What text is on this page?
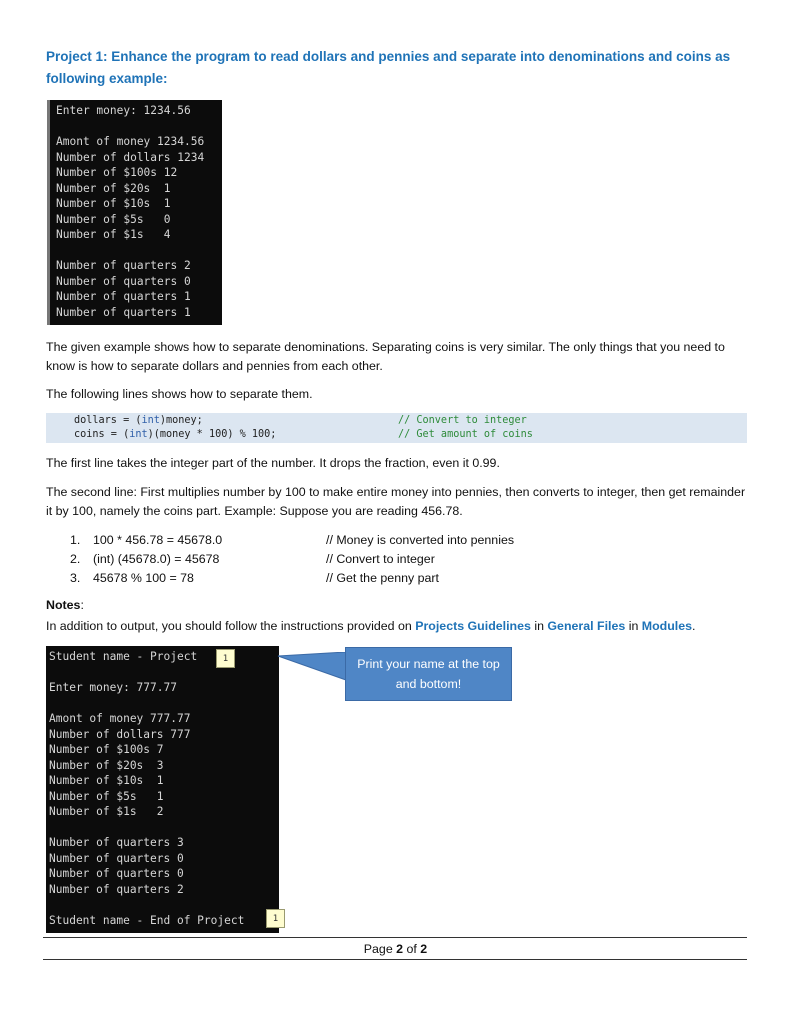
Project 1: Enhance the program to read dollars and pennies and separate into denominations and coins as following example:
Enter money: 1234.56
Amont of money 1234.56
Number of dollars 1234
Number of $100s 12
Number of $20s  1
Number of $10s  1
Number of $5s   0
Number of $1s   4
Number of quarters 2
Number of quarters 0
Number of quarters 1
Number of quarters 1
The given example shows how to separate denominations. Separating coins is very similar. The only things that you need to know is how to separate dollars and pennies from each other.
The following lines shows how to separate them.
dollars = (int)money;	// Convert to integer
coins = (int)(money * 100) % 100;	// Get amount of coins
The first line takes the integer part of the number. It drops the fraction, even it 0.99.
The second line: First multiplies number by 100 to make entire money into pennies, then converts to integer, then get remainder it by 100, namely the coins part. Example: Suppose you are reading 456.78.
1. 100 * 456.78 = 45678.0	// Money is converted into pennies
2. (int) (45678.0) = 45678	// Convert to integer
3. 45678 % 100 = 78	// Get the penny part
Notes:
In addition to output, you should follow the instructions provided on Projects Guidelines in General Files in Modules.
Student name - Project
Enter money: 777.77
Amont of money 777.77
Number of dollars 777
Number of $100s 7
Number of $20s  3
Number of $10s  1
Number of $5s   1
Number of $1s   2
Number of quarters 3
Number of quarters 0
Number of quarters 0
Number of quarters 2
Student name - End of Project
1
1
Print your name at the top and bottom!
Page 2 of 2
